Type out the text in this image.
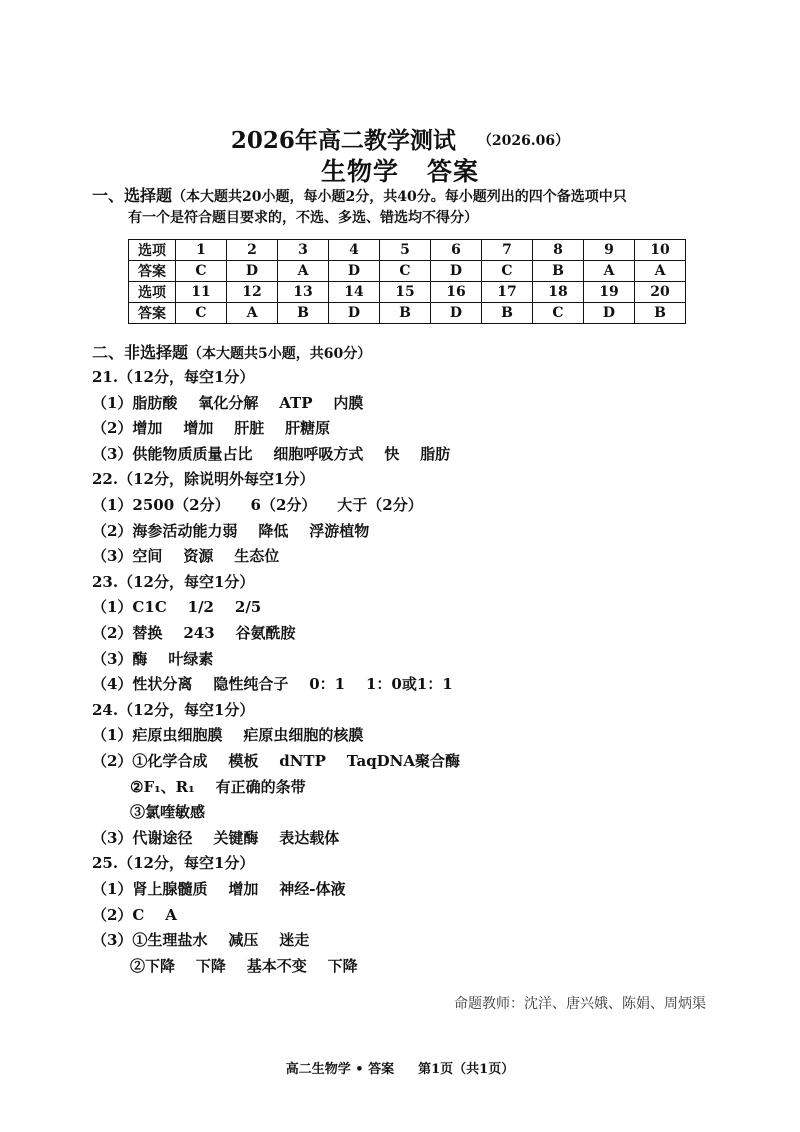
2026年高二教学测试 （2026.06）
生物学 答案
一、选择题（本大题共20小题，每小题2分，共40分。每小题列出的四个备选项中只
有一个是符合题目要求的，不选、多选、错选均不得分）
选项	1	2	3	4	5	6	7	8	9	10
答案	C	D	A	D	C	D	C	B	A	A
选项	11	12	13	14	15	16	17	18	19	20
答案	C	A	B	D	B	D	B	C	D	B
二、非选择题（本大题共5小题，共60分）
21.（12分，每空1分）
（1）脂肪酸    氧化分解    ATP    内膜
（2）增加    增加    肝脏    肝糖原
（3）供能物质质量占比    细胞呼吸方式    快    脂肪
22.（12分，除说明外每空1分）
（1）2500（2分）    6（2分）    大于（2分）
（2）海参活动能力弱    降低    浮游植物
（3）空间    资源    生态位
23.（12分，每空1分）
（1）C1C    1/2    2/5
（2）替换    243    谷氨酰胺
（3）酶    叶绿素
（4）性状分离    隐性纯合子    0：1    1：0或1：1
24.（12分，每空1分）
（1）疟原虫细胞膜    疟原虫细胞的核膜
（2）①化学合成    模板    dNTP    TaqDNA聚合酶
②F₁、R₁    有正确的条带
③氯喹敏感
（3）代谢途径    关键酶    表达载体
25.（12分，每空1分）
（1）肾上腺髓质    增加    神经-体液
（2）C    A
（3）①生理盐水    减压    迷走
②下降    下降    基本不变    下降
命题教师：沈洋、唐兴娥、陈娟、周炳渠
高二生物学 • 答案 第1页（共1页）
